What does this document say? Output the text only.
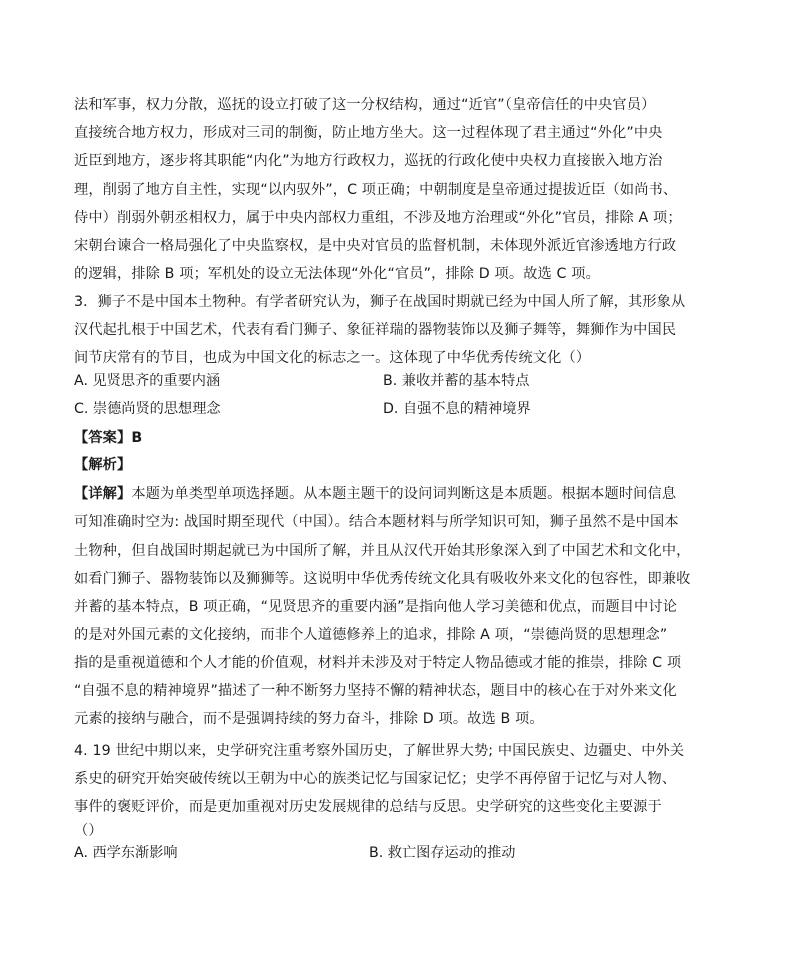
法和军事，权力分散，巡抚的设立打破了这一分权结构，通过“近官”（皇帝信任的中央官员）
直接统合地方权力，形成对三司的制衡，防止地方坐大。这一过程体现了君主通过“外化”中央
近臣到地方，逐步将其职能“内化”为地方行政权力，巡抚的行政化使中央权力直接嵌入地方治
理，削弱了地方自主性，实现“以内驭外”，C 项正确；中朝制度是皇帝通过提拔近臣（如尚书、
侍中）削弱外朝丞相权力，属于中央内部权力重组，不涉及地方治理或“外化”官员，排除 A 项；
宋朝台谏合一格局强化了中央监察权，是中央对官员的监督机制，未体现外派近官渗透地方行政
的逻辑，排除 B 项；军机处的设立无法体现“外化“官员”，排除 D 项。故选 C 项。
3．狮子不是中国本土物种。有学者研究认为，狮子在战国时期就已经为中国人所了解，其形象从
汉代起扎根于中国艺术，代表有看门狮子、象征祥瑞的器物装饰以及狮子舞等，舞狮作为中国民
间节庆常有的节目，也成为中国文化的标志之一。这体现了中华优秀传统文化（）
A. 见贤思齐的重要内涵	B. 兼收并蓄的基本特点
C. 崇德尚贤的思想理念	D. 自强不息的精神境界
【答案】B
【解析】
【详解】本题为单类型单项选择题。从本题主题干的设问词判断这是本质题。根据本题时间信息
可知准确时空为: 战国时期至现代（中国）。结合本题材料与所学知识可知，狮子虽然不是中国本
土物种，但自战国时期起就已为中国所了解，并且从汉代开始其形象深入到了中国艺术和文化中，
如看门狮子、器物装饰以及狮狮等。这说明中华优秀传统文化具有吸收外来文化的包容性，即兼收
并蓄的基本特点，B 项正确，“见贤思齐的重要内涵”是指向他人学习美德和优点，而题目中讨论
的是对外国元素的文化接纳，而非个人道德修养上的追求，排除 A 项，“崇德尚贤的思想理念”
指的是重视道德和个人才能的价值观，材料并未涉及对于特定人物品德或才能的推崇，排除 C 项
“自强不息的精神境界”描述了一种不断努力坚持不懈的精神状态，题目中的核心在于对外来文化
元素的接纳与融合，而不是强调持续的努力奋斗，排除 D 项。故选 B 项。
4. 19 世纪中期以来，史学研究注重考察外国历史，了解世界大势; 中国民族史、边疆史、中外关
系史的研究开始突破传统以王朝为中心的族类记忆与国家记忆；史学不再停留于记忆与对人物、
事件的褒贬评价，而是更加重视对历史发展规律的总结与反思。史学研究的这些变化主要源于
（）
A. 西学东渐影响	B. 救亡图存运动的推动
